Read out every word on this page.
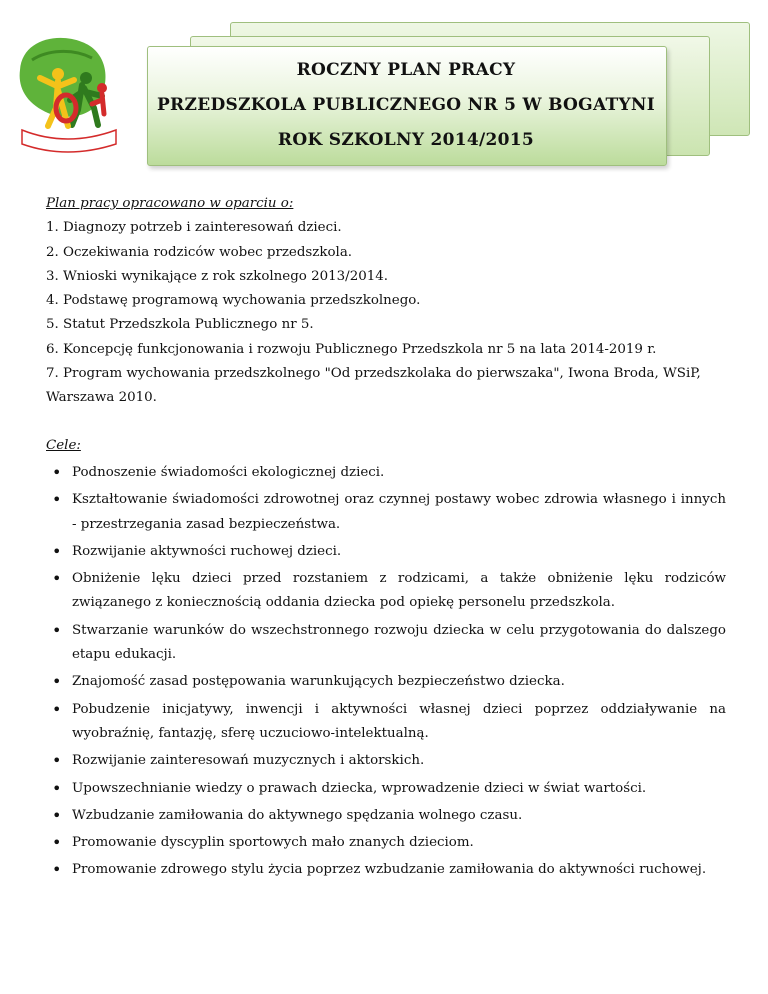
ROCZNY PLAN PRACY
PRZEDSZKOLA PUBLICZNEGO NR 5 W BOGATYNI
ROK SZKOLNY 2014/2015
Plan pracy opracowano w oparciu o:
1. Diagnozy potrzeb i zainteresowań dzieci.
2. Oczekiwania rodziców wobec przedszkola.
3. Wnioski wynikające z rok szkolnego 2013/2014.
4. Podstawę programową wychowania przedszkolnego.
5. Statut Przedszkola Publicznego nr 5.
6. Koncepcję funkcjonowania i rozwoju Publicznego Przedszkola nr 5 na lata 2014-2019 r.
7. Program wychowania przedszkolnego "Od przedszkolaka do pierwszaka", Iwona Broda, WSiP, Warszawa 2010.
Cele:
• Podnoszenie świadomości ekologicznej dzieci.
• Kształtowanie świadomości zdrowotnej oraz czynnej postawy wobec zdrowia własnego i innych - przestrzegania zasad bezpieczeństwa.
• Rozwijanie aktywności ruchowej dzieci.
• Obniżenie lęku dzieci przed rozstaniem z rodzicami, a także obniżenie lęku rodziców związanego z koniecznością oddania dziecka pod opiekę personelu przedszkola.
• Stwarzanie warunków do wszechstronnego rozwoju dziecka w celu przygotowania do dalszego etapu edukacji.
• Znajomość zasad postępowania warunkujących bezpieczeństwo dziecka.
• Pobudzenie inicjatywy, inwencji i aktywności własnej dzieci poprzez oddziaływanie na wyobraźnię, fantazję, sferę uczuciowo-intelektualną.
• Rozwijanie zainteresowań muzycznych i aktorskich.
• Upowszechnianie wiedzy o prawach dziecka, wprowadzenie dzieci w świat wartości.
• Wzbudzanie zamiłowania do aktywnego spędzania wolnego czasu.
• Promowanie dyscyplin sportowych mało znanych dzieciom.
• Promowanie zdrowego stylu życia poprzez wzbudzanie zamiłowania do aktywności ruchowej.
